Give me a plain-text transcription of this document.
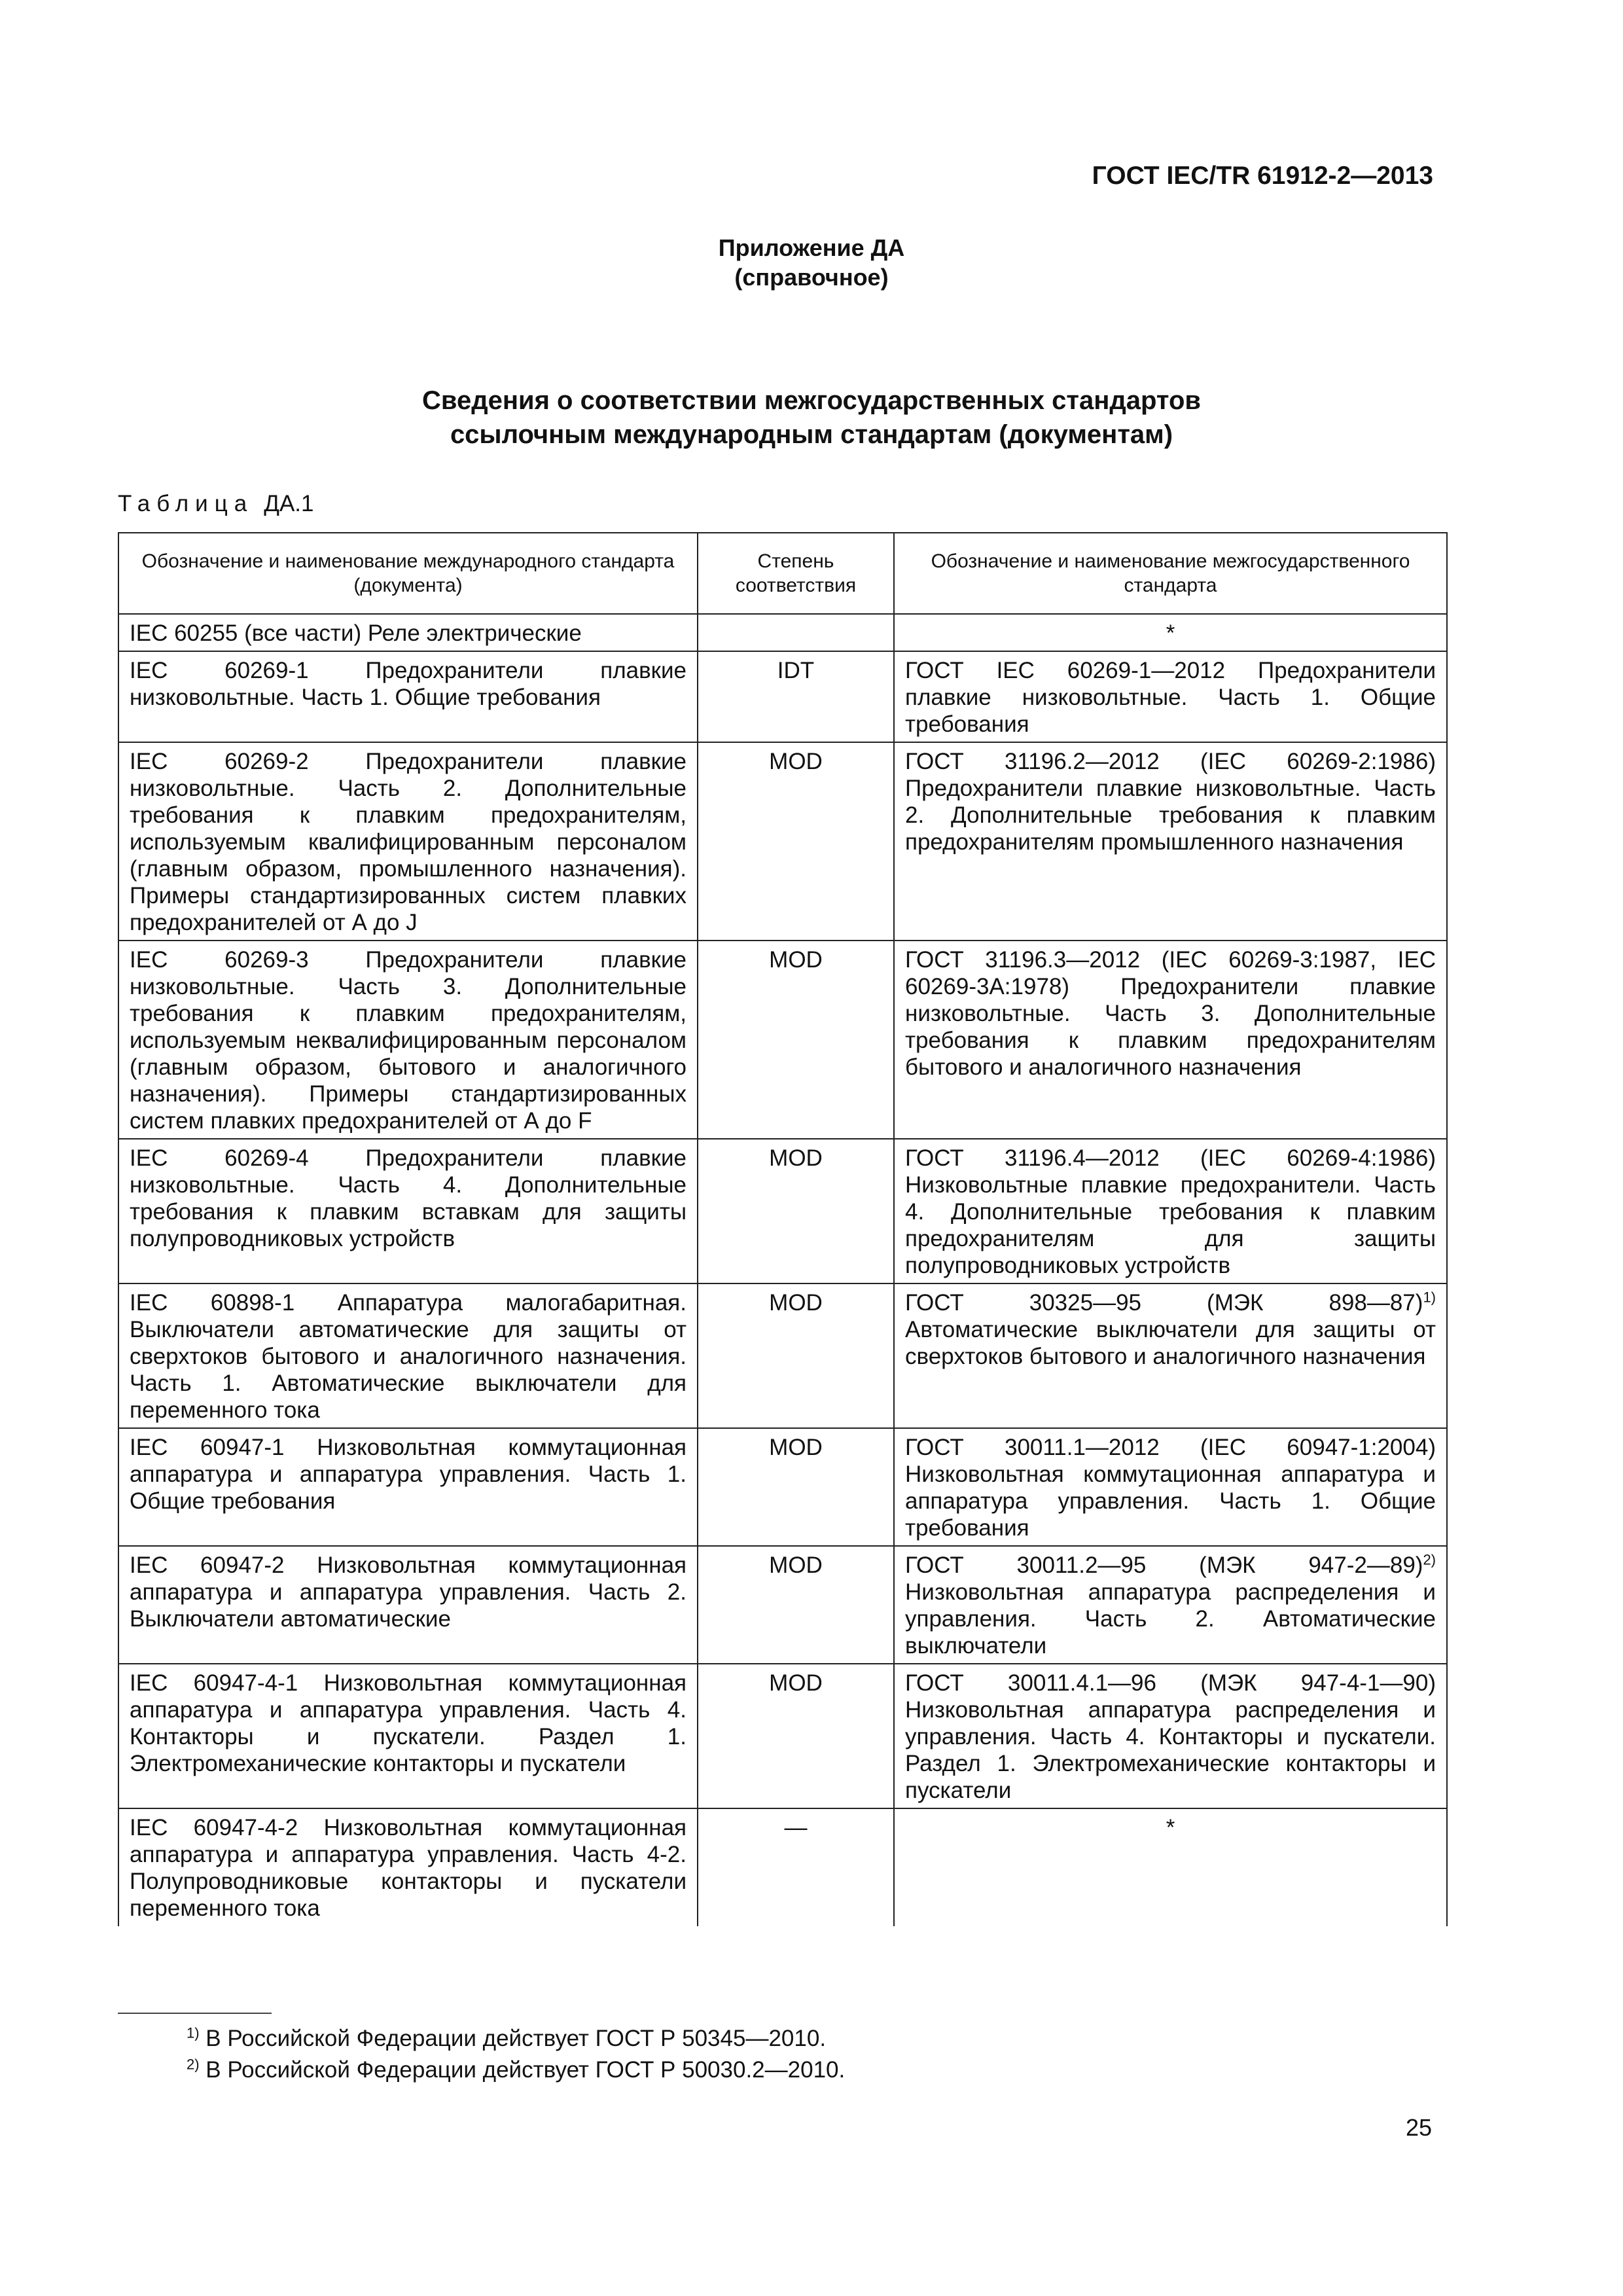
ГОСТ IEC/TR 61912-2—2013
Приложение ДА
(справочное)
Сведения о соответствии межгосударственных стандартов
ссылочным международным стандартам (документам)
Таблица ДА.1
Обозначение и наименование международного стандарта (документа)	Степень соответствия	Обозначение и наименование межгосударственного стандарта
IEC 60255 (все части) Реле электрические		*
IEC 60269-1 Предохранители плавкие низковольтные. Часть 1. Общие требования	IDT	ГОСТ IEC 60269-1—2012 Предохранители плавкие низковольтные. Часть 1. Общие требования
IEC 60269-2 Предохранители плавкие низковольтные. Часть 2. Дополнительные требования к плавким предохранителям, используемым квалифицированным персоналом (главным образом, промышленного назначения). Примеры стандартизированных систем плавких предохранителей от А до J	MOD	ГОСТ 31196.2—2012 (IEC 60269-2:1986) Предохранители плавкие низковольтные. Часть 2. Дополнительные требования к плавким предохранителям промышленного назначения
IEC 60269-3 Предохранители плавкие низковольтные. Часть 3. Дополнительные требования к плавким предохранителям, используемым неквалифицированным персоналом (главным образом, бытового и аналогичного назначения). Примеры стандартизированных систем плавких предохранителей от А до F	MOD	ГОСТ 31196.3—2012 (IEC 60269-3:1987, IEC 60269-3A:1978) Предохранители плавкие низковольтные. Часть 3. Дополнительные требования к плавким предохранителям бытового и аналогичного назначения
IEC 60269-4 Предохранители плавкие низковольтные. Часть 4. Дополнительные требования к плавким вставкам для защиты полупроводниковых устройств	MOD	ГОСТ 31196.4—2012 (IEC 60269-4:1986) Низковольтные плавкие предохранители. Часть 4. Дополнительные требования к плавким предохранителям для защиты полупроводниковых устройств
IEC 60898-1 Аппаратура малогабаритная. Выключатели автоматические для защиты от сверхтоков бытового и аналогичного назначения. Часть 1. Автоматические выключатели для переменного тока	MOD	ГОСТ 30325—95 (МЭК 898—87)$^{1)}$ Автоматические выключатели для защиты от сверхтоков бытового и аналогичного назначения
IEC 60947-1 Низковольтная коммутационная аппаратура и аппаратура управления. Часть 1. Общие требования	MOD	ГОСТ 30011.1—2012 (IEC 60947-1:2004) Низковольтная коммутационная аппаратура и аппаратура управления. Часть 1. Общие требования
IEC 60947-2 Низковольтная коммутационная аппаратура и аппаратура управления. Часть 2. Выключатели автоматические	MOD	ГОСТ 30011.2—95 (МЭК 947-2—89)$^{2)}$ Низковольтная аппаратура распределения и управления. Часть 2. Автоматические выключатели
IEC 60947-4-1 Низковольтная коммутационная аппаратура и аппаратура управления. Часть 4. Контакторы и пускатели. Раздел 1. Электромеханические контакторы и пускатели	MOD	ГОСТ 30011.4.1—96 (МЭК 947-4-1—90) Низковольтная аппаратура распределения и управления. Часть 4. Контакторы и пускатели. Раздел 1. Электромеханические контакторы и пускатели
IEC 60947-4-2 Низковольтная коммутационная аппаратура и аппаратура управления. Часть 4-2. Полупроводниковые контакторы и пускатели переменного тока	—	*
$^{1)}$ В Российской Федерации действует ГОСТ Р 50345—2010.
$^{2)}$ В Российской Федерации действует ГОСТ Р 50030.2—2010.
25
